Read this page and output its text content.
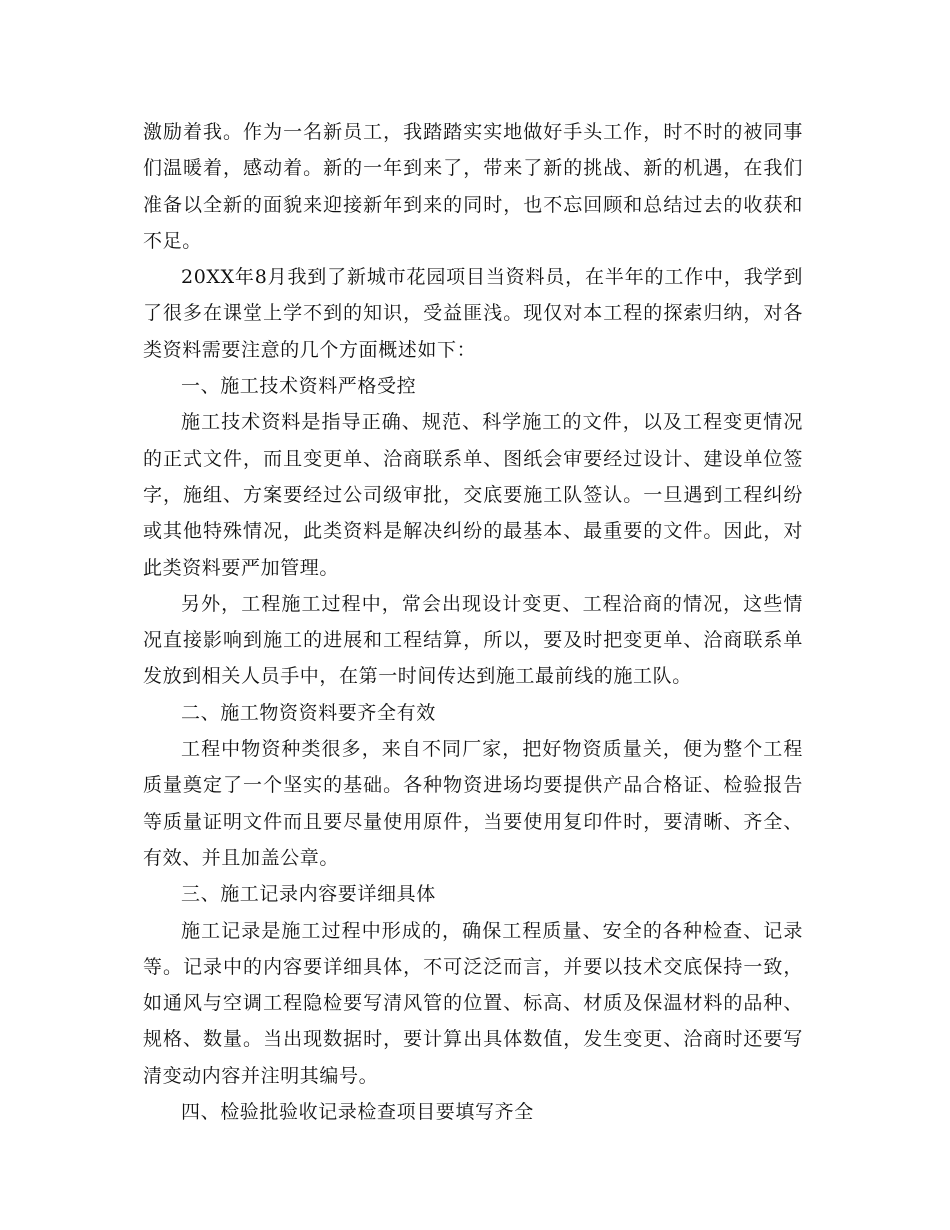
激励着我。作为一名新员工，我踏踏实实地做好手头工作，时不时的被同事们温暖着，感动着。新的一年到来了，带来了新的挑战、新的机遇，在我们准备以全新的面貌来迎接新年到来的同时，也不忘回顾和总结过去的收获和不足。

20XX年8月我到了新城市花园项目当资料员，在半年的工作中，我学到了很多在课堂上学不到的知识，受益匪浅。现仅对本工程的探索归纳，对各类资料需要注意的几个方面概述如下：

一、施工技术资料严格受控

施工技术资料是指导正确、规范、科学施工的文件，以及工程变更情况的正式文件，而且变更单、洽商联系单、图纸会审要经过设计、建设单位签字，施组、方案要经过公司级审批，交底要施工队签认。一旦遇到工程纠纷或其他特殊情况，此类资料是解决纠纷的最基本、最重要的文件。因此，对此类资料要严加管理。

另外，工程施工过程中，常会出现设计变更、工程洽商的情况，这些情况直接影响到施工的进展和工程结算，所以，要及时把变更单、洽商联系单发放到相关人员手中，在第一时间传达到施工最前线的施工队。

二、施工物资资料要齐全有效

工程中物资种类很多，来自不同厂家，把好物资质量关，便为整个工程质量奠定了一个坚实的基础。各种物资进场均要提供产品合格证、检验报告等质量证明文件而且要尽量使用原件，当要使用复印件时，要清晰、齐全、有效、并且加盖公章。

三、施工记录内容要详细具体

施工记录是施工过程中形成的，确保工程质量、安全的各种检查、记录等。记录中的内容要详细具体，不可泛泛而言，并要以技术交底保持一致，如通风与空调工程隐检要写清风管的位置、标高、材质及保温材料的品种、规格、数量。当出现数据时，要计算出具体数值，发生变更、洽商时还要写清变动内容并注明其编号。

四、检验批验收记录检查项目要填写齐全
